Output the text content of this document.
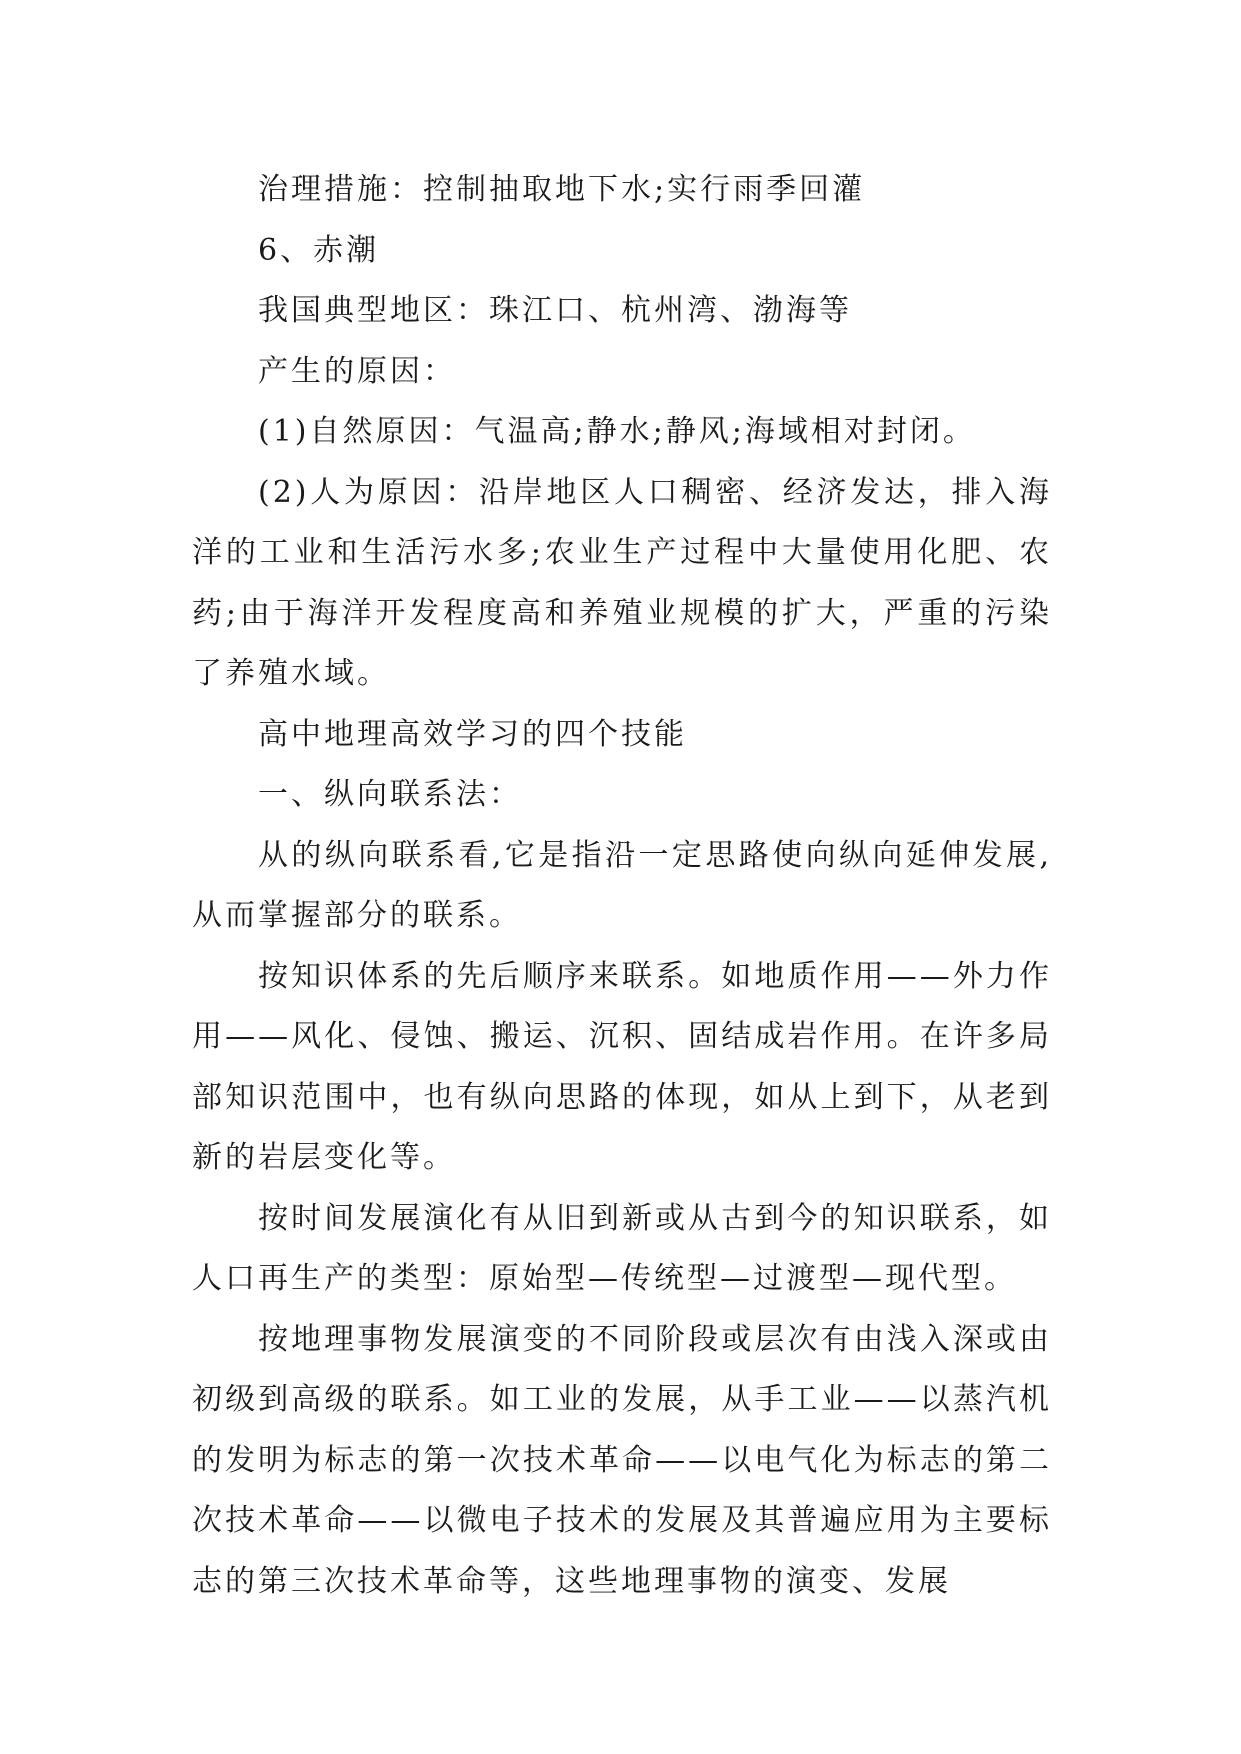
治理措施：控制抽取地下水;实行雨季回灌

6、赤潮

我国典型地区：珠江口、杭州湾、渤海等

产生的原因：

(1)自然原因：气温高;静水;静风;海域相对封闭。

(2)人为原因：沿岸地区人口稠密、经济发达，排入海洋的工业和生活污水多;农业生产过程中大量使用化肥、农药;由于海洋开发程度高和养殖业规模的扩大，严重的污染了养殖水域。

高中地理高效学习的四个技能

一、纵向联系法：

从的纵向联系看,它是指沿一定思路使向纵向延伸发展,从而掌握部分的联系。

按知识体系的先后顺序来联系。如地质作用——外力作用——风化、侵蚀、搬运、沉积、固结成岩作用。在许多局部知识范围中，也有纵向思路的体现，如从上到下，从老到新的岩层变化等。

按时间发展演化有从旧到新或从古到今的知识联系，如人口再生产的类型：原始型—传统型—过渡型—现代型。

按地理事物发展演变的不同阶段或层次有由浅入深或由初级到高级的联系。如工业的发展，从手工业——以蒸汽机的发明为标志的第一次技术革命——以电气化为标志的第二次技术革命——以微电子技术的发展及其普遍应用为主要标志的第三次技术革命等，这些地理事物的演变、发展
